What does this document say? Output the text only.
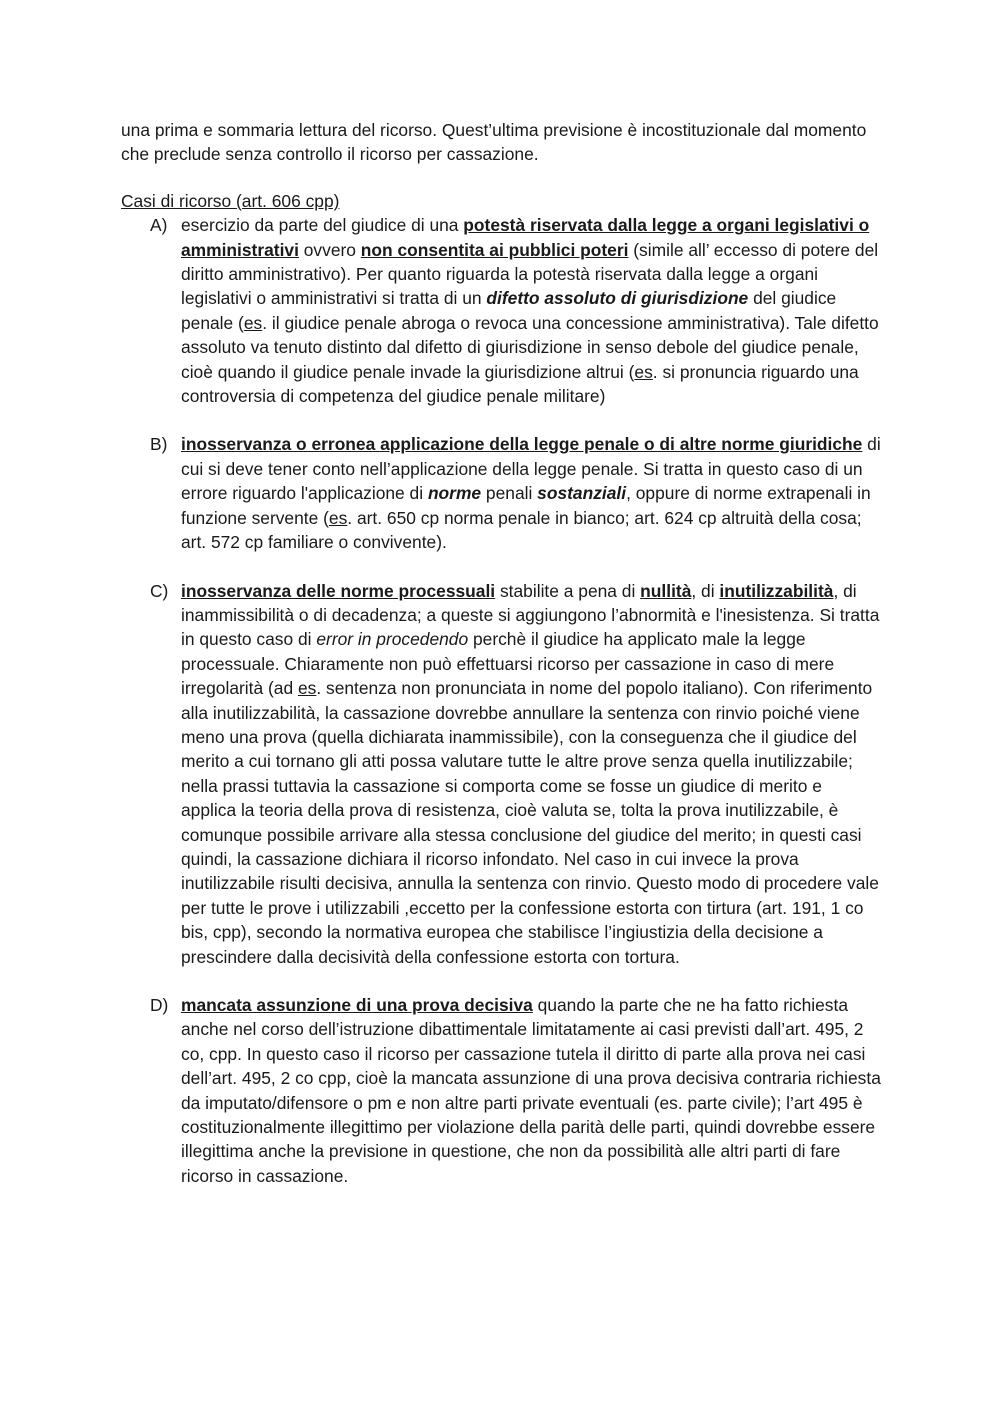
una prima e sommaria lettura del ricorso. Quest’ultima previsione è incostituzionale dal momento che preclude senza controllo il ricorso per cassazione.

Casi di ricorso (art. 606 cpp)

A) esercizio da parte del giudice di una potestà riservata dalla legge a organi legislativi o amministrativi ovvero non consentita ai pubblici poteri (simile all’ eccesso di potere del diritto amministrativo). Per quanto riguarda la potestà riservata dalla legge a organi legislativi o amministrativi si tratta di un difetto assoluto di giurisdizione del giudice penale (es. il giudice penale abroga o revoca una concessione amministrativa). Tale difetto assoluto va tenuto distinto dal difetto di giurisdizione in senso debole del giudice penale, cioè quando il giudice penale invade la giurisdizione altrui (es. si pronuncia riguardo una controversia di competenza del giudice penale militare)

B) inosservanza o erronea applicazione della legge penale o di altre norme giuridiche di cui si deve tener conto nell’applicazione della legge penale. Si tratta in questo caso di un errore riguardo l'applicazione di norme penali sostanziali, oppure di norme extrapenali in funzione servente (es. art. 650 cp norma penale in bianco; art. 624 cp altruità della cosa; art. 572 cp familiare o convivente).

C) inosservanza delle norme processuali stabilite a pena di nullità, di inutilizzabilità, di inammissibilità o di decadenza; a queste si aggiungono l’abnormità e l'inesistenza. Si tratta in questo caso di error in procedendo perchè il giudice ha applicato male la legge processuale. Chiaramente non può effettuarsi ricorso per cassazione in caso di mere irregolarità (ad es. sentenza non pronunciata in nome del popolo italiano). Con riferimento alla inutilizzabilità, la cassazione dovrebbe annullare la sentenza con rinvio poiché viene meno una prova (quella dichiarata inammissibile), con la conseguenza che il giudice del merito a cui tornano gli atti possa valutare tutte le altre prove senza quella inutilizzabile; nella prassi tuttavia la cassazione si comporta come se fosse un giudice di merito e applica la teoria della prova di resistenza, cioè valuta se, tolta la prova inutilizzabile, è comunque possibile arrivare alla stessa conclusione del giudice del merito; in questi casi quindi, la cassazione dichiara il ricorso infondato. Nel caso in cui invece la prova inutilizzabile risulti decisiva, annulla la sentenza con rinvio. Questo modo di procedere vale per tutte le prove i utilizzabili ,eccetto per la confessione estorta con tirtura (art. 191, 1 co bis, cpp), secondo la normativa europea che stabilisce l’ingiustizia della decisione a prescindere dalla decisività della confessione estorta con tortura.

D) mancata assunzione di una prova decisiva quando la parte che ne ha fatto richiesta anche nel corso dell’istruzione dibattimentale limitatamente ai casi previsti dall’art. 495, 2 co, cpp. In questo caso il ricorso per cassazione tutela il diritto di parte alla prova nei casi dell’art. 495, 2 co cpp, cioè la mancata assunzione di una prova decisiva contraria richiesta da imputato/difensore o pm e non altre parti private eventuali (es. parte civile); l’art 495 è costituzionalmente illegittimo per violazione della parità delle parti, quindi dovrebbe essere illegittima anche la previsione in questione, che non da possibilità alle altri parti di fare ricorso in cassazione.
